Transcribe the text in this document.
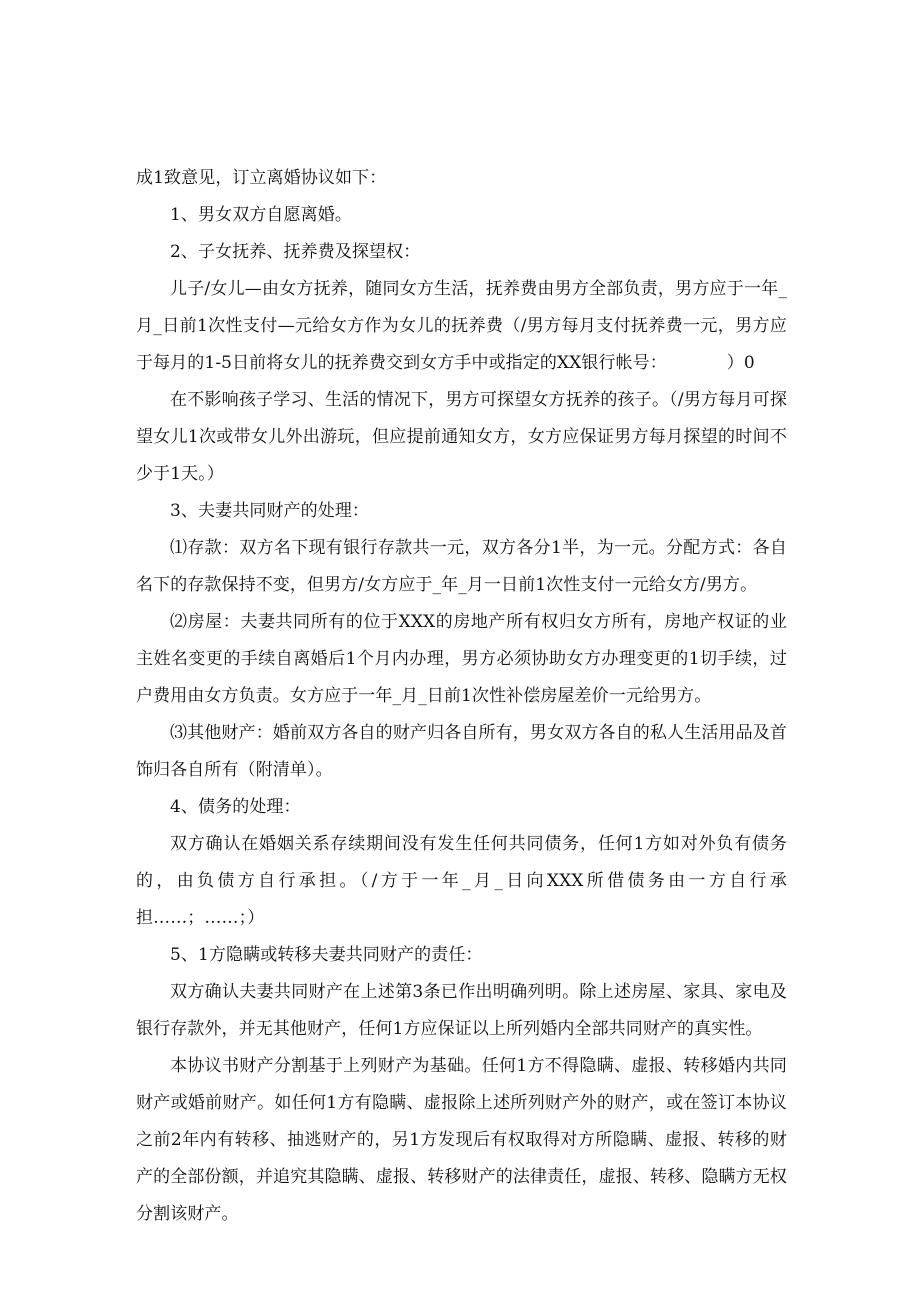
成1致意见，订立离婚协议如下：

1、男女双方自愿离婚。

2、子女抚养、抚养费及探望权：

儿子/女儿—由女方抚养，随同女方生活，抚养费由男方全部负责，男方应于一年_月_日前1次性支付—元给女方作为女儿的抚养费（/男方每月支付抚养费一元，男方应于每月的1-5日前将女儿的抚养费交到女方手中或指定的XX银行帐号：　　　　）0

在不影响孩子学习、生活的情况下，男方可探望女方抚养的孩子。（/男方每月可探望女儿1次或带女儿外出游玩，但应提前通知女方，女方应保证男方每月探望的时间不少于1天。）

3、夫妻共同财产的处理：

⑴存款：双方名下现有银行存款共一元，双方各分1半，为一元。分配方式：各自名下的存款保持不变，但男方/女方应于_年_月一日前1次性支付一元给女方/男方。

⑵房屋：夫妻共同所有的位于XXX的房地产所有权归女方所有，房地产权证的业主姓名变更的手续自离婚后1个月内办理，男方必须协助女方办理变更的1切手续，过户费用由女方负责。女方应于一年_月_日前1次性补偿房屋差价一元给男方。

⑶其他财产：婚前双方各自的财产归各自所有，男女双方各自的私人生活用品及首饰归各自所有（附清单）。

4、债务的处理：

双方确认在婚姻关系存续期间没有发生任何共同债务，任何1方如对外负有债务的，由负债方自行承担。（/方于一年_月_日向XXX所借债务由一方自行承担……；……；）

5、1方隐瞒或转移夫妻共同财产的责任：

双方确认夫妻共同财产在上述第3条已作出明确列明。除上述房屋、家具、家电及银行存款外，并无其他财产，任何1方应保证以上所列婚内全部共同财产的真实性。

本协议书财产分割基于上列财产为基础。任何1方不得隐瞒、虚报、转移婚内共同财产或婚前财产。如任何1方有隐瞒、虚报除上述所列财产外的财产，或在签订本协议之前2年内有转移、抽逃财产的，另1方发现后有权取得对方所隐瞒、虚报、转移的财产的全部份额，并追究其隐瞒、虚报、转移财产的法律责任，虚报、转移、隐瞒方无权分割该财产。
